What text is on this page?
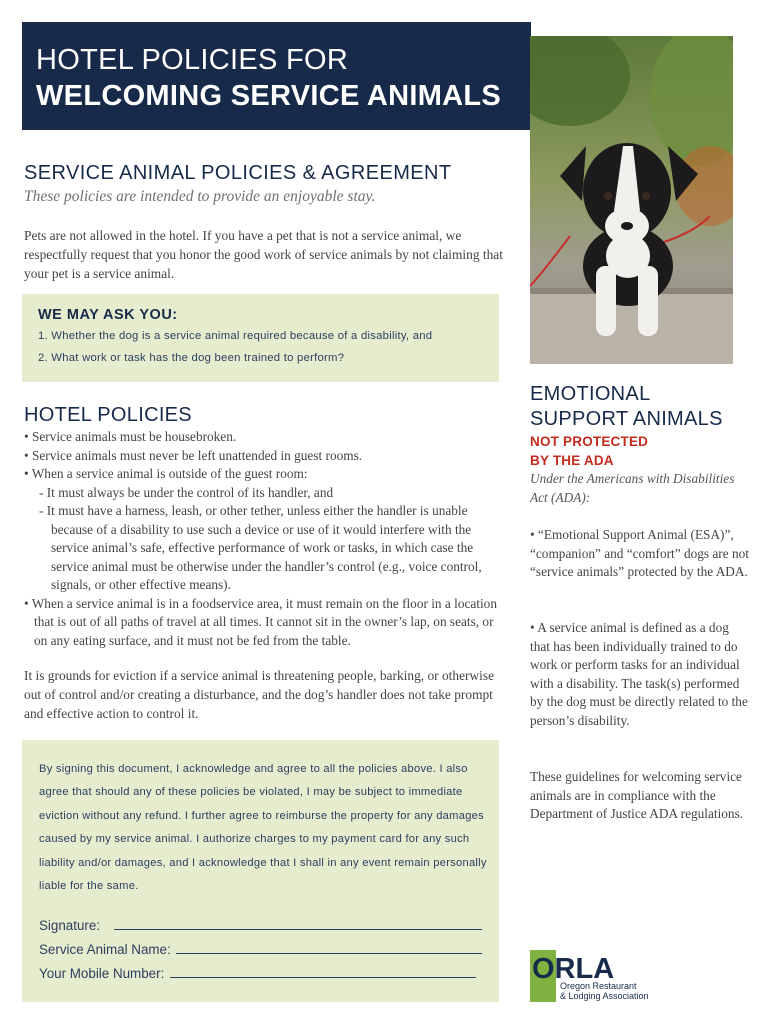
HOTEL POLICIES FOR
WELCOMING SERVICE ANIMALS
SERVICE ANIMAL POLICIES & AGREEMENT
These policies are intended to provide an enjoyable stay.
Pets are not allowed in the hotel. If you have a pet that is not a service animal, we respectfully request that you honor the good work of service animals by not claiming that your pet is a service animal.
WE MAY ASK YOU:
1. Whether the dog is a service animal required because of a disability, and
2. What work or task has the dog been trained to perform?
HOTEL POLICIES
• Service animals must be housebroken.
• Service animals must never be left unattended in guest rooms.
• When a service animal is outside of the guest room:
- It must always be under the control of its handler, and
- It must have a harness, leash, or other tether, unless either the handler is unable because of a disability to use such a device or use of it would interfere with the service animal’s safe, effective performance of work or tasks, in which case the service animal must be otherwise under the handler’s control (e.g., voice control, signals, or other effective means).
• When a service animal is in a foodservice area, it must remain on the floor in a location that is out of all paths of travel at all times. It cannot sit in the owner’s lap, on seats, or on any eating surface, and it must not be fed from the table.
It is grounds for eviction if a service animal is threatening people, barking, or otherwise out of control and/or creating a disturbance, and the dog’s handler does not take prompt and effective action to control it.
By signing this document, I acknowledge and agree to all the policies above. I also agree that should any of these policies be violated, I may be subject to immediate eviction without any refund. I further agree to reimburse the property for any damages caused by my service animal. I authorize charges to my payment card for any such liability and/or damages, and I acknowledge that I shall in any event remain personally liable for the same.
Signature:
Service Animal Name:
Your Mobile Number:
EMOTIONAL
SUPPORT ANIMALS
NOT PROTECTED
BY THE ADA
Under the Americans with Disabilities Act (ADA):
• “Emotional Support Animal (ESA)”, “companion” and “comfort” dogs are not “service animals” protected by the ADA.
• A service animal is defined as a dog that has been individually trained to do work or perform tasks for an individual with a disability. The task(s) performed by the dog must be directly related to the person’s disability.
These guidelines for welcoming service animals are in compliance with the Department of Justice ADA regulations.
ORLA
Oregon Restaurant
& Lodging Association
